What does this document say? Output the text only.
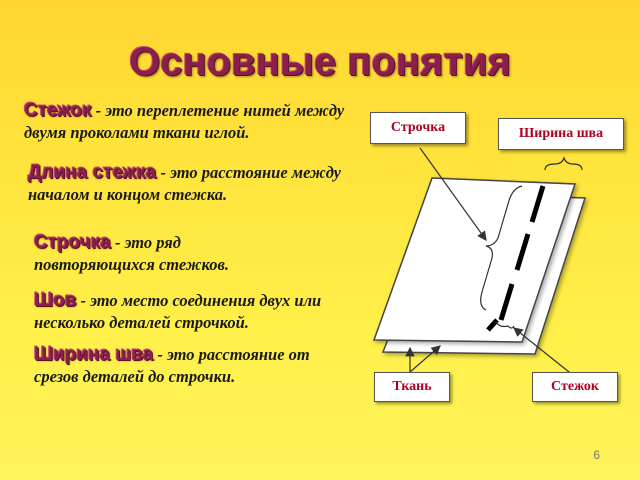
Основные понятия
Стежок - это переплетение нитей между двумя проколами ткани иглой.
Длина стежка - это расстояние между началом и концом стежка.
Строчка - это ряд повторяющихся стежков.
Шов - это место соединения двух или несколько деталей строчкой.
Ширина шва - это расстояние от срезов деталей до строчки.
Строчка	Ширина шва
Ткань	Стежок
6
